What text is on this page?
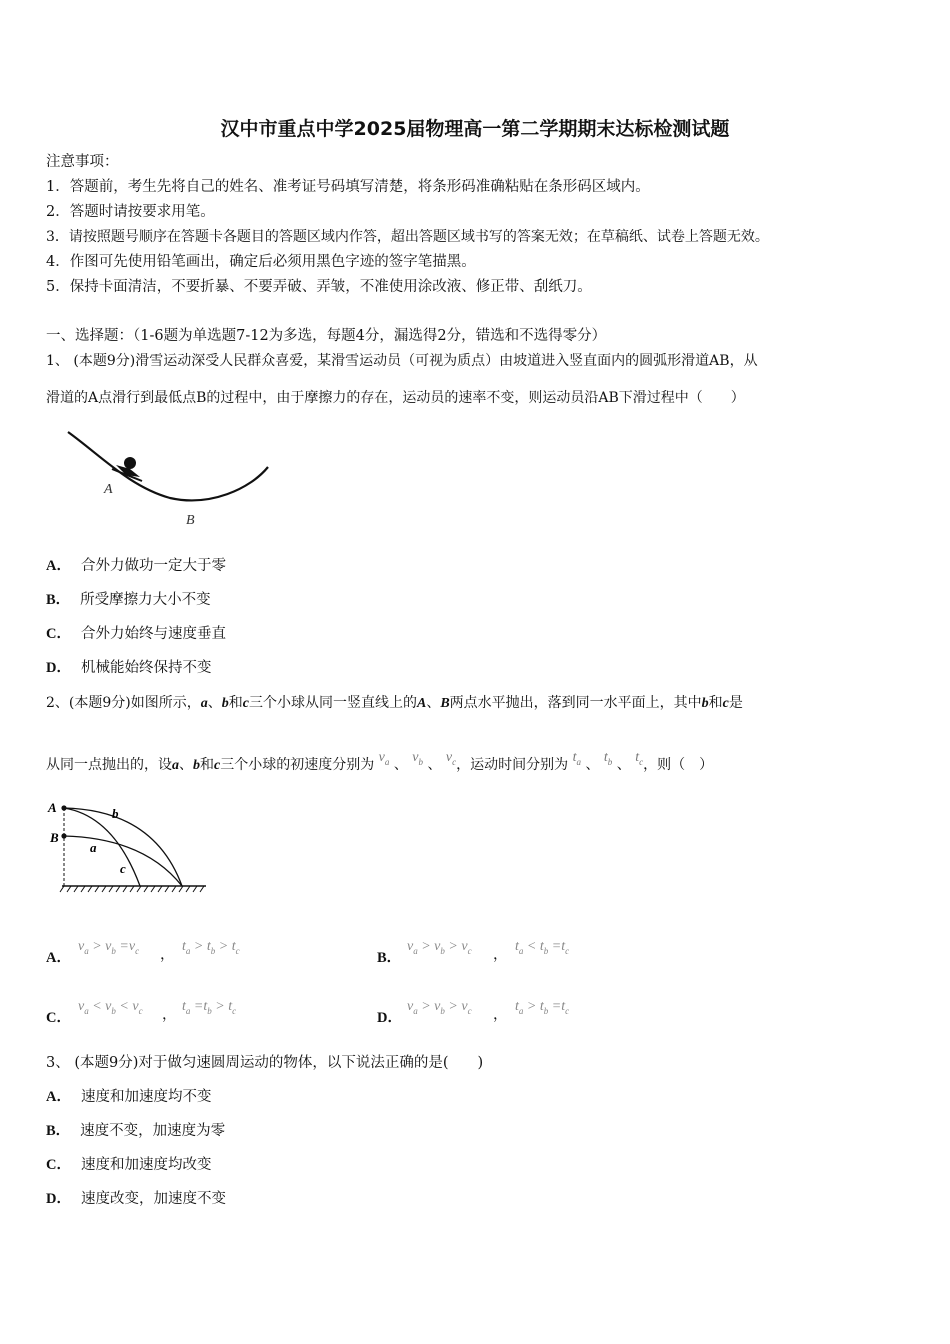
汉中市重点中学2025届物理高一第二学期期末达标检测试题
注意事项：
1．答题前，考生先将自己的姓名、准考证号码填写清楚，将条形码准确粘贴在条形码区域内。
2．答题时请按要求用笔。
3．请按照题号顺序在答题卡各题目的答题区域内作答，超出答题区域书写的答案无效；在草稿纸、试卷上答题无效。
4．作图可先使用铅笔画出，确定后必须用黑色字迹的签字笔描黑。
5．保持卡面清洁，不要折暴、不要弄破、弄皱，不准使用涂改液、修正带、刮纸刀。
一、选择题：（1-6题为单选题7-12为多选，每题4分，漏选得2分，错选和不选得零分）
1、 (本题9分)滑雪运动深受人民群众喜爱，某滑雪运动员（可视为质点）由坡道进入竖直面内的圆弧形滑道AB，从
滑道的A点滑行到最低点B的过程中，由于摩擦力的存在，运动员的速率不变，则运动员沿AB下滑过程中（　　）
A
B
A． 合外力做功一定大于零
B． 所受摩擦力大小不变
C． 合外力始终与速度垂直
D． 机械能始终保持不变
2、(本题9分)如图所示，a、b和c三个小球从同一竖直线上的A、B两点水平抛出，落到同一水平面上，其中b和c是
从同一点抛出的，设a、b和c三个小球的初速度分别为 $v_a$ 、 $v_b$ 、 $v_c$，运动时间分别为 $t_a$ 、 $t_b$ 、 $t_c$，则（　）
A
B
b
a
c
A．
$v_a > v_b =v_c$ ，
$t_a > t_b > t_c$	B．
$v_a > v_b > v_c$ ，
$t_a < t_b =t_c$
C．
$v_a < v_b < v_c$ ，
$t_a =t_b > t_c$	D．
$v_a > v_b > v_c$ ，
$t_a > t_b =t_c$
3、 (本题9分)对于做匀速圆周运动的物体，以下说法正确的是(　　)
A． 速度和加速度均不变
B． 速度不变，加速度为零
C． 速度和加速度均改变
D． 速度改变，加速度不变
